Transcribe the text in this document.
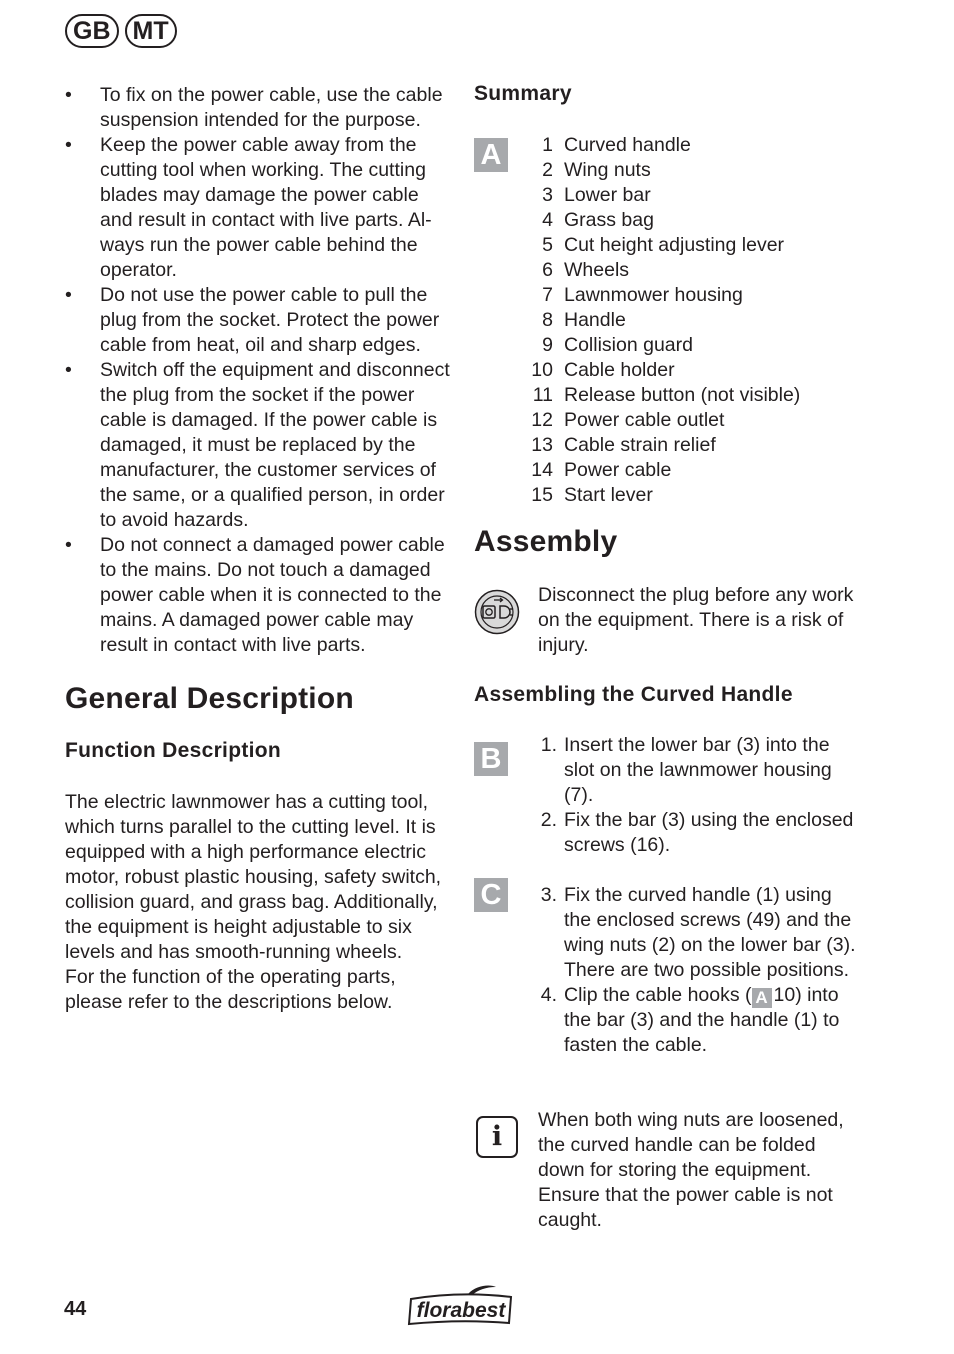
GB MT
• To fix on the power cable, use the cable suspension intended for the purpose.
• Keep the power cable away from the cutting tool when working. The cutting blades may damage the power cable and result in contact with live parts. Always run the power cable behind the operator.
• Do not use the power cable to pull the plug from the socket. Protect the power cable from heat, oil and sharp edges.
• Switch off the equipment and disconnect the plug from the socket if the power cable is damaged. If the power cable is damaged, it must be replaced by the manufacturer, the customer services of the same, or a qualified person, in order to avoid hazards.
• Do not connect a damaged power cable to the mains. Do not touch a damaged power cable when it is connected to the mains. A damaged power cable may result in contact with live parts.
General Description
Function Description

The electric lawnmower has a cutting tool, which turns parallel to the cutting level. It is equipped with a high performance electric motor, robust plastic housing, safety switch, collision guard, and grass bag. Additionally, the equipment is height adjustable to six levels and has smooth-running wheels.

For the function of the operating parts, please refer to the descriptions below.

Summary
A	1 Curved handle
2 Wing nuts
3 Lower bar
4 Grass bag
5 Cut height adjusting lever
6 Wheels
7 Lawnmower housing
8 Handle
9 Collision guard
10 Cable holder
11 Release button (not visible)
12 Power cable outlet
13 Cable strain relief
14 Power cable
15 Start lever
Assembly

Disconnect the plug before any work on the equipment. There is a risk of injury.

Assembling the Curved Handle
B	1. Insert the lower bar (3) into the slot on the lawnmower housing (7).
2. Fix the bar (3) using the enclosed screws (16).
C	3. Fix the curved handle (1) using the enclosed screws (49) and the wing nuts (2) on the lower bar (3). There are two possible positions.
4. Clip the cable hooks ( A 10) into the bar (3) and the handle (1) to fasten the cable.
i

When both wing nuts are loosened, the curved handle can be folded down for storing the equipment. Ensure that the power cable is not caught.

44	florabest
